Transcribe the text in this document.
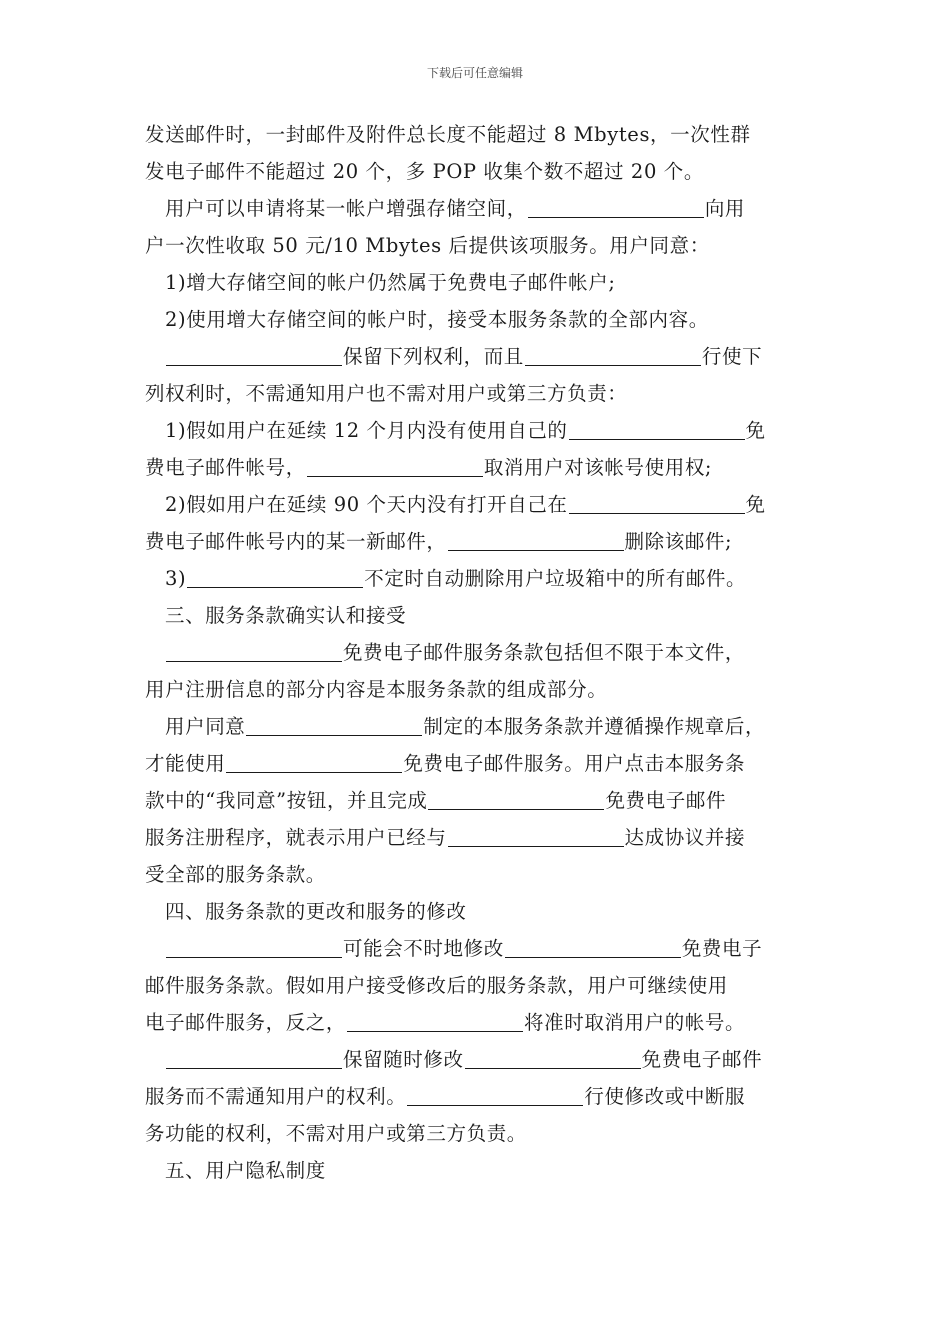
下载后可任意编辑
发送邮件时，一封邮件及附件总长度不能超过 8 Mbytes，一次性群
发电子邮件不能超过 20 个，多 POP 收集个数不超过 20 个。
用户可以申请将某一帐户增强存储空间，	向用
户一次性收取 50 元/10 Mbytes 后提供该项服务。用户同意：
1)增大存储空间的帐户仍然属于免费电子邮件帐户;
2)使用增大存储空间的帐户时，接受本服务条款的全部内容。
保留下列权利，而且	行使下
列权利时，不需通知用户也不需对用户或第三方负责：
1)假如用户在延续 12 个月内没有使用自己的	免
费电子邮件帐号，	取消用户对该帐号使用权;
2)假如用户在延续 90 个天内没有打开自己在	免
费电子邮件帐号内的某一新邮件，	删除该邮件;
3)	不定时自动删除用户垃圾箱中的所有邮件。
三、服务条款确实认和接受
免费电子邮件服务条款包括但不限于本文件，
用户注册信息的部分内容是本服务条款的组成部分。
用户同意	制定的本服务条款并遵循操作规章后，
才能使用	免费电子邮件服务。用户点击本服务条
款中的“我同意”按钮，并且完成	免费电子邮件
服务注册程序，就表示用户已经与	达成协议并接
受全部的服务条款。
四、服务条款的更改和服务的修改
可能会不时地修改	免费电子
邮件服务条款。假如用户接受修改后的服务条款，用户可继续使用
电子邮件服务，反之，	将准时取消用户的帐号。
保留随时修改	免费电子邮件
服务而不需通知用户的权利。	行使修改或中断服
务功能的权利，不需对用户或第三方负责。
五、用户隐私制度
